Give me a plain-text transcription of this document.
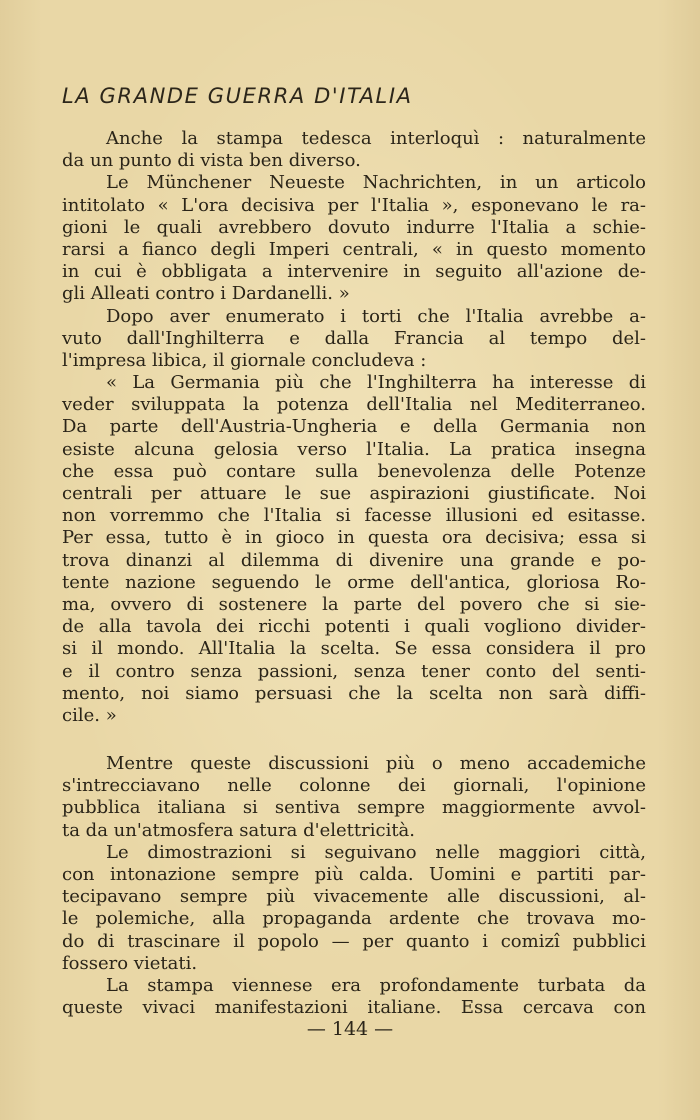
LA GRANDE GUERRA D'ITALIA
Anche la stampa tedesca interloquì : naturalmente
da un punto di vista ben diverso.
Le Münchener Neueste Nachrichten, in un articolo
intitolato « L'ora decisiva per l'Italia », esponevano le ra-
gioni le quali avrebbero dovuto indurre l'Italia a schie-
rarsi a fianco degli Imperi centrali, « in questo momento
in cui è obbligata a intervenire in seguito all'azione de-
gli Alleati contro i Dardanelli. »
Dopo aver enumerato i torti che l'Italia avrebbe a-
vuto dall'Inghilterra e dalla Francia al tempo del-
l'impresa libica, il giornale concludeva :
« La Germania più che l'Inghilterra ha interesse di
veder sviluppata la potenza dell'Italia nel Mediterraneo.
Da parte dell'Austria-Ungheria e della Germania non
esiste alcuna gelosia verso l'Italia. La pratica insegna
che essa può contare sulla benevolenza delle Potenze
centrali per attuare le sue aspirazioni giustificate. Noi
non vorremmo che l'Italia si facesse illusioni ed esitasse.
Per essa, tutto è in gioco in questa ora decisiva; essa si
trova dinanzi al dilemma di divenire una grande e po-
tente nazione seguendo le orme dell'antica, gloriosa Ro-
ma, ovvero di sostenere la parte del povero che si sie-
de alla tavola dei ricchi potenti i quali vogliono divider-
si il mondo. All'Italia la scelta. Se essa considera il pro
e il contro senza passioni, senza tener conto del senti-
mento, noi siamo persuasi che la scelta non sarà diffi-
cile. »
Mentre queste discussioni più o meno accademiche
s'intrecciavano nelle colonne dei giornali, l'opinione
pubblica italiana si sentiva sempre maggiormente avvol-
ta da un'atmosfera satura d'elettricità.
Le dimostrazioni si seguivano nelle maggiori città,
con intonazione sempre più calda. Uomini e partiti par-
tecipavano sempre più vivacemente alle discussioni, al-
le polemiche, alla propaganda ardente che trovava mo-
do di trascinare il popolo — per quanto i comizî pubblici
fossero vietati.
La stampa viennese era profondamente turbata da
queste vivaci manifestazioni italiane. Essa cercava con
— 144 —
